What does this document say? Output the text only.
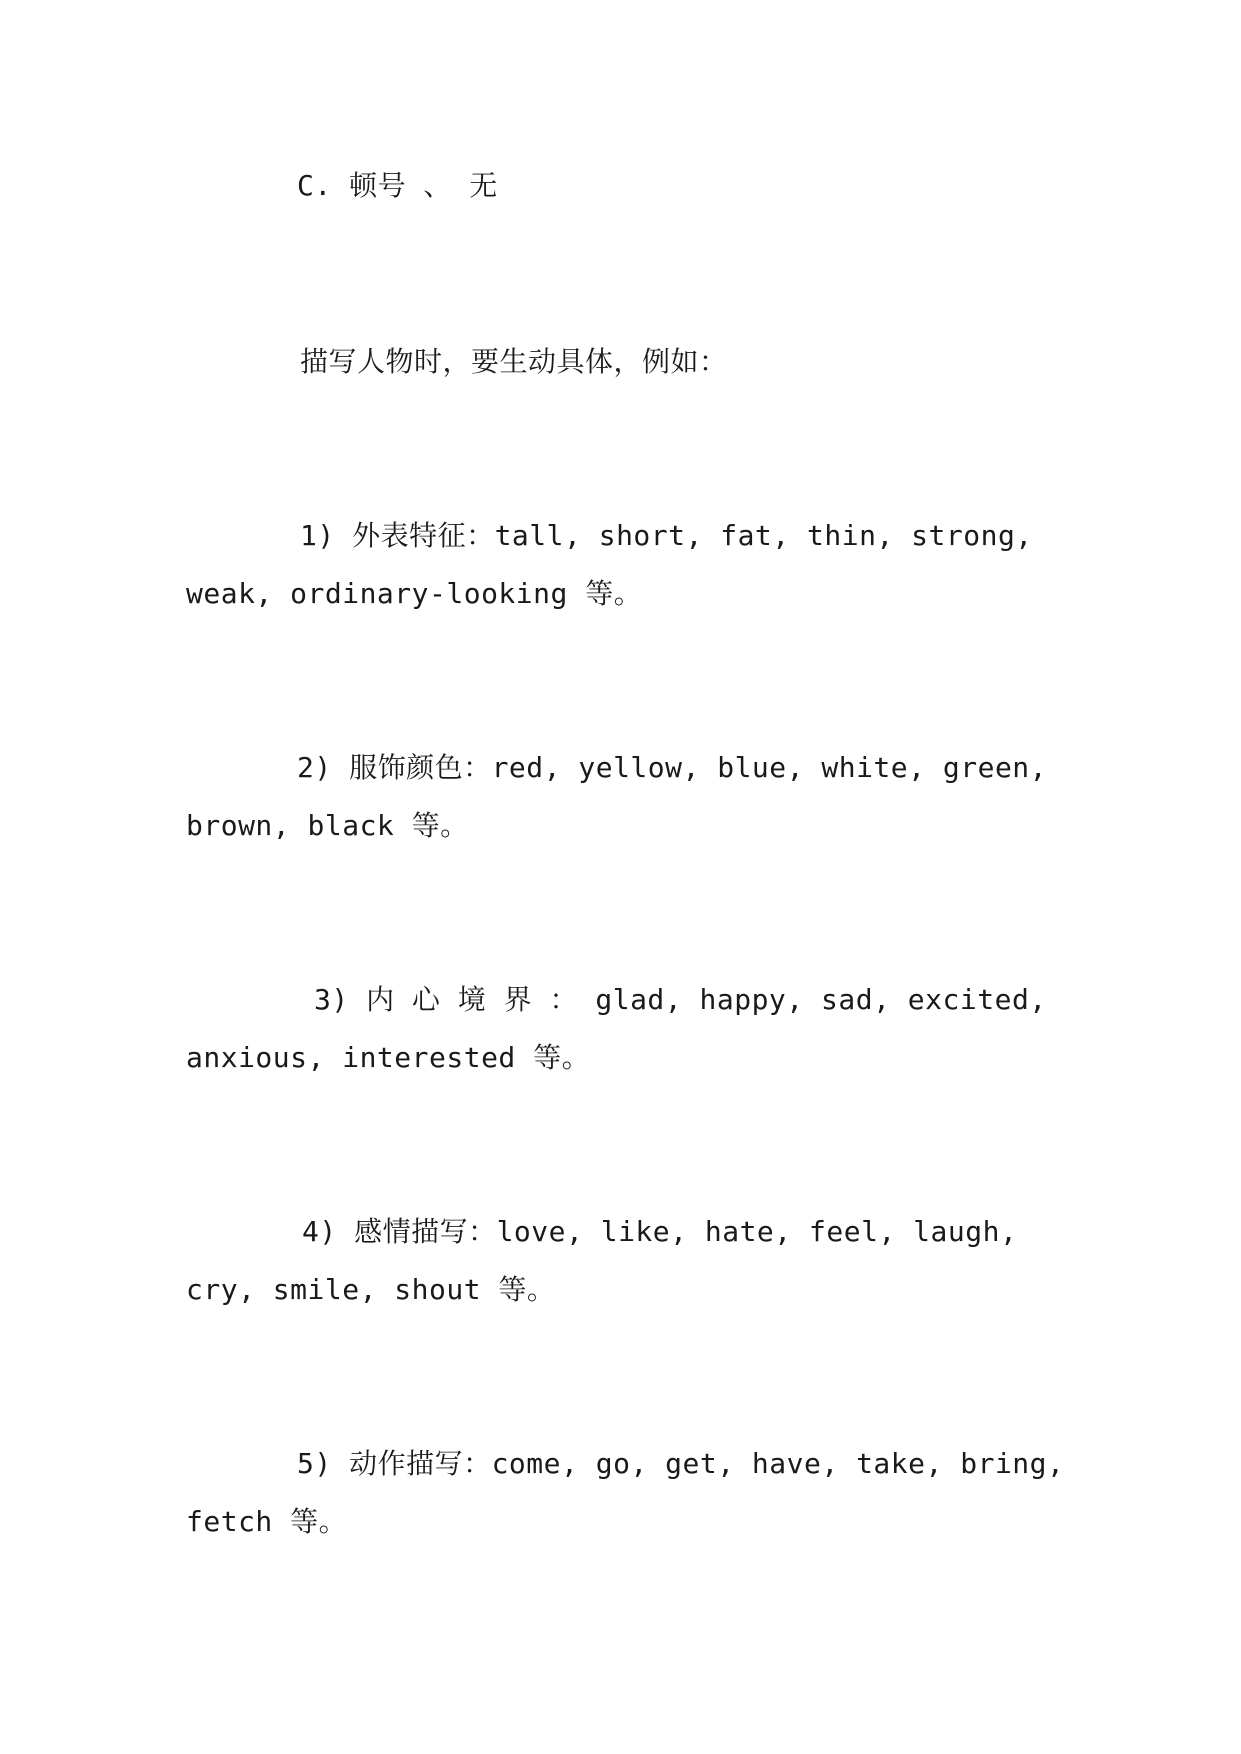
C. 顿号 、 无
描写人物时，要生动具体，例如：
1) 外表特征：tall, short, fat, thin, strong,
weak, ordinary-looking 等。
2) 服饰颜色：red, yellow, blue, white, green,
brown, black 等。
3) 内 心 境 界 ： glad, happy, sad, excited,
anxious, interested 等。
4) 感情描写：love, like, hate, feel, laugh,
cry, smile, shout 等。
5) 动作描写：come, go, get, have, take, bring,
fetch 等。
